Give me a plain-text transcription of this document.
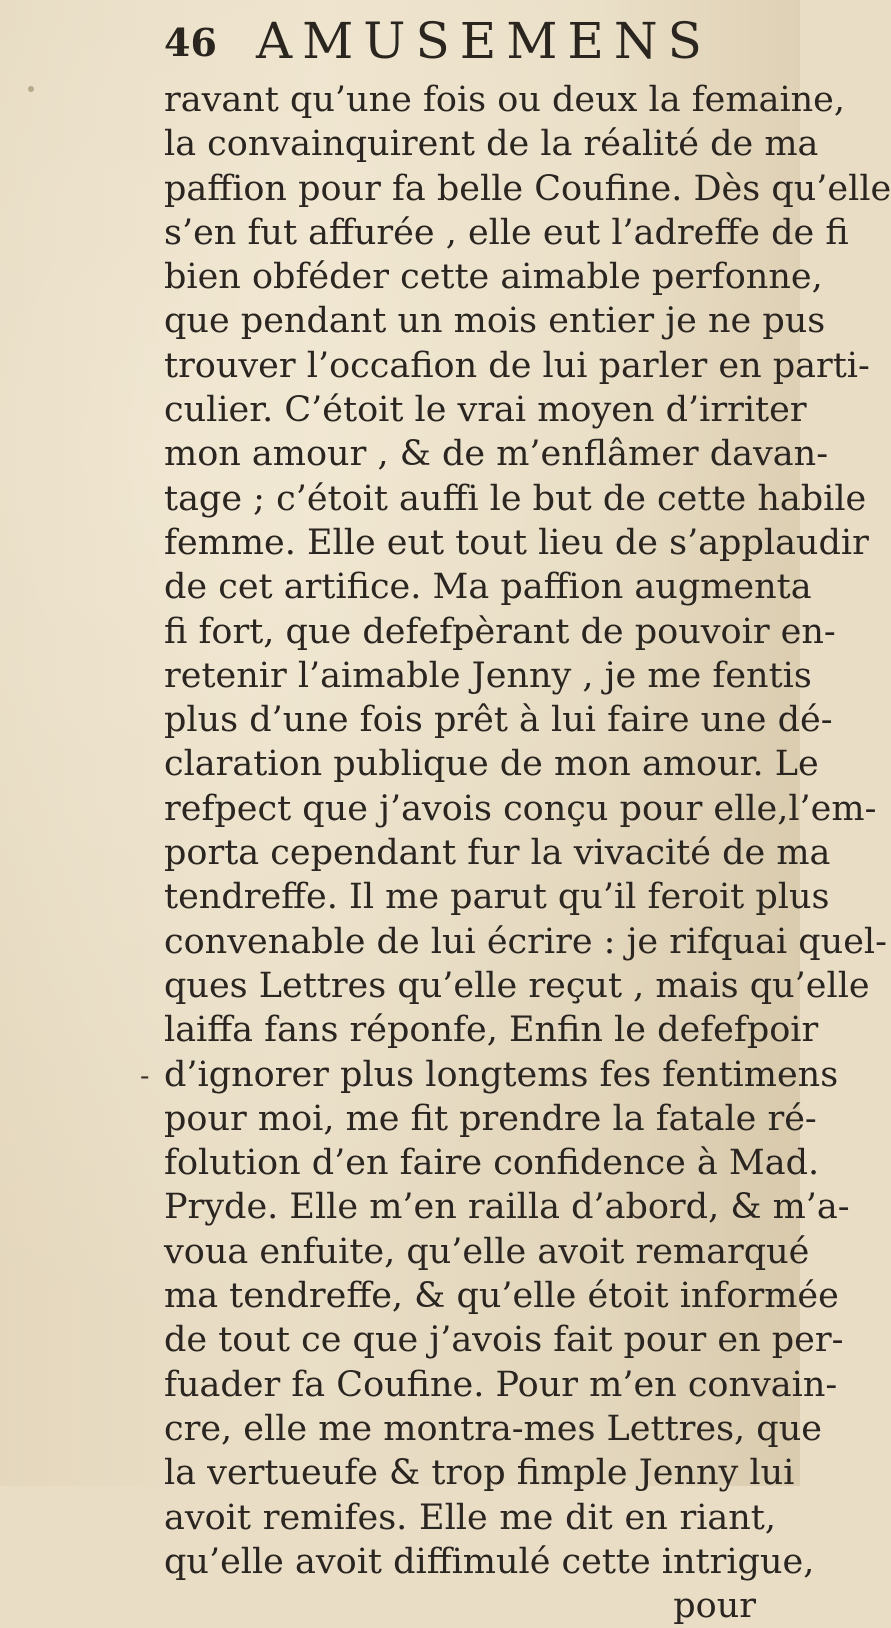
46 AMUSEMENS
-
ravant qu’une fois ou deux la femaine,
la convainquirent de la réalité de ma
paffion pour fa belle Coufine. Dès qu’elle
s’en fut affurée , elle eut l’adreffe de fi
bien obféder cette aimable perfonne,
que pendant un mois entier je ne pus
trouver l’occafion de lui parler en parti-
culier. C’étoit le vrai moyen d’irriter
mon amour , & de m’enflâmer davan-
tage ; c’étoit auffi le but de cette habile
femme. Elle eut tout lieu de s’applaudir
de cet artifice. Ma paffion augmenta
fi fort, que defefpèrant de pouvoir en-
retenir l’aimable Jenny , je me fentis
plus d’une fois prêt à lui faire une dé-
claration publique de mon amour. Le
refpect que j’avois conçu pour elle,l’em-
porta cependant fur la vivacité de ma
tendreffe. Il me parut qu’il feroit plus
convenable de lui écrire : je rifquai quel-
ques Lettres qu’elle reçut , mais qu’elle
laiffa fans réponfe, Enfin le defefpoir
d’ignorer plus longtems fes fentimens
pour moi, me fit prendre la fatale ré-
folution d’en faire confidence à Mad.
Pryde. Elle m’en railla d’abord, & m’a-
voua enfuite, qu’elle avoit remarqué
ma tendreffe, & qu’elle étoit informée
de tout ce que j’avois fait pour en per-
fuader fa Coufine. Pour m’en convain-
cre, elle me montra-mes Lettres, que
la vertueufe & trop fimple Jenny lui
avoit remifes. Elle me dit en riant,
qu’elle avoit diffimulé cette intrigue,
pour
